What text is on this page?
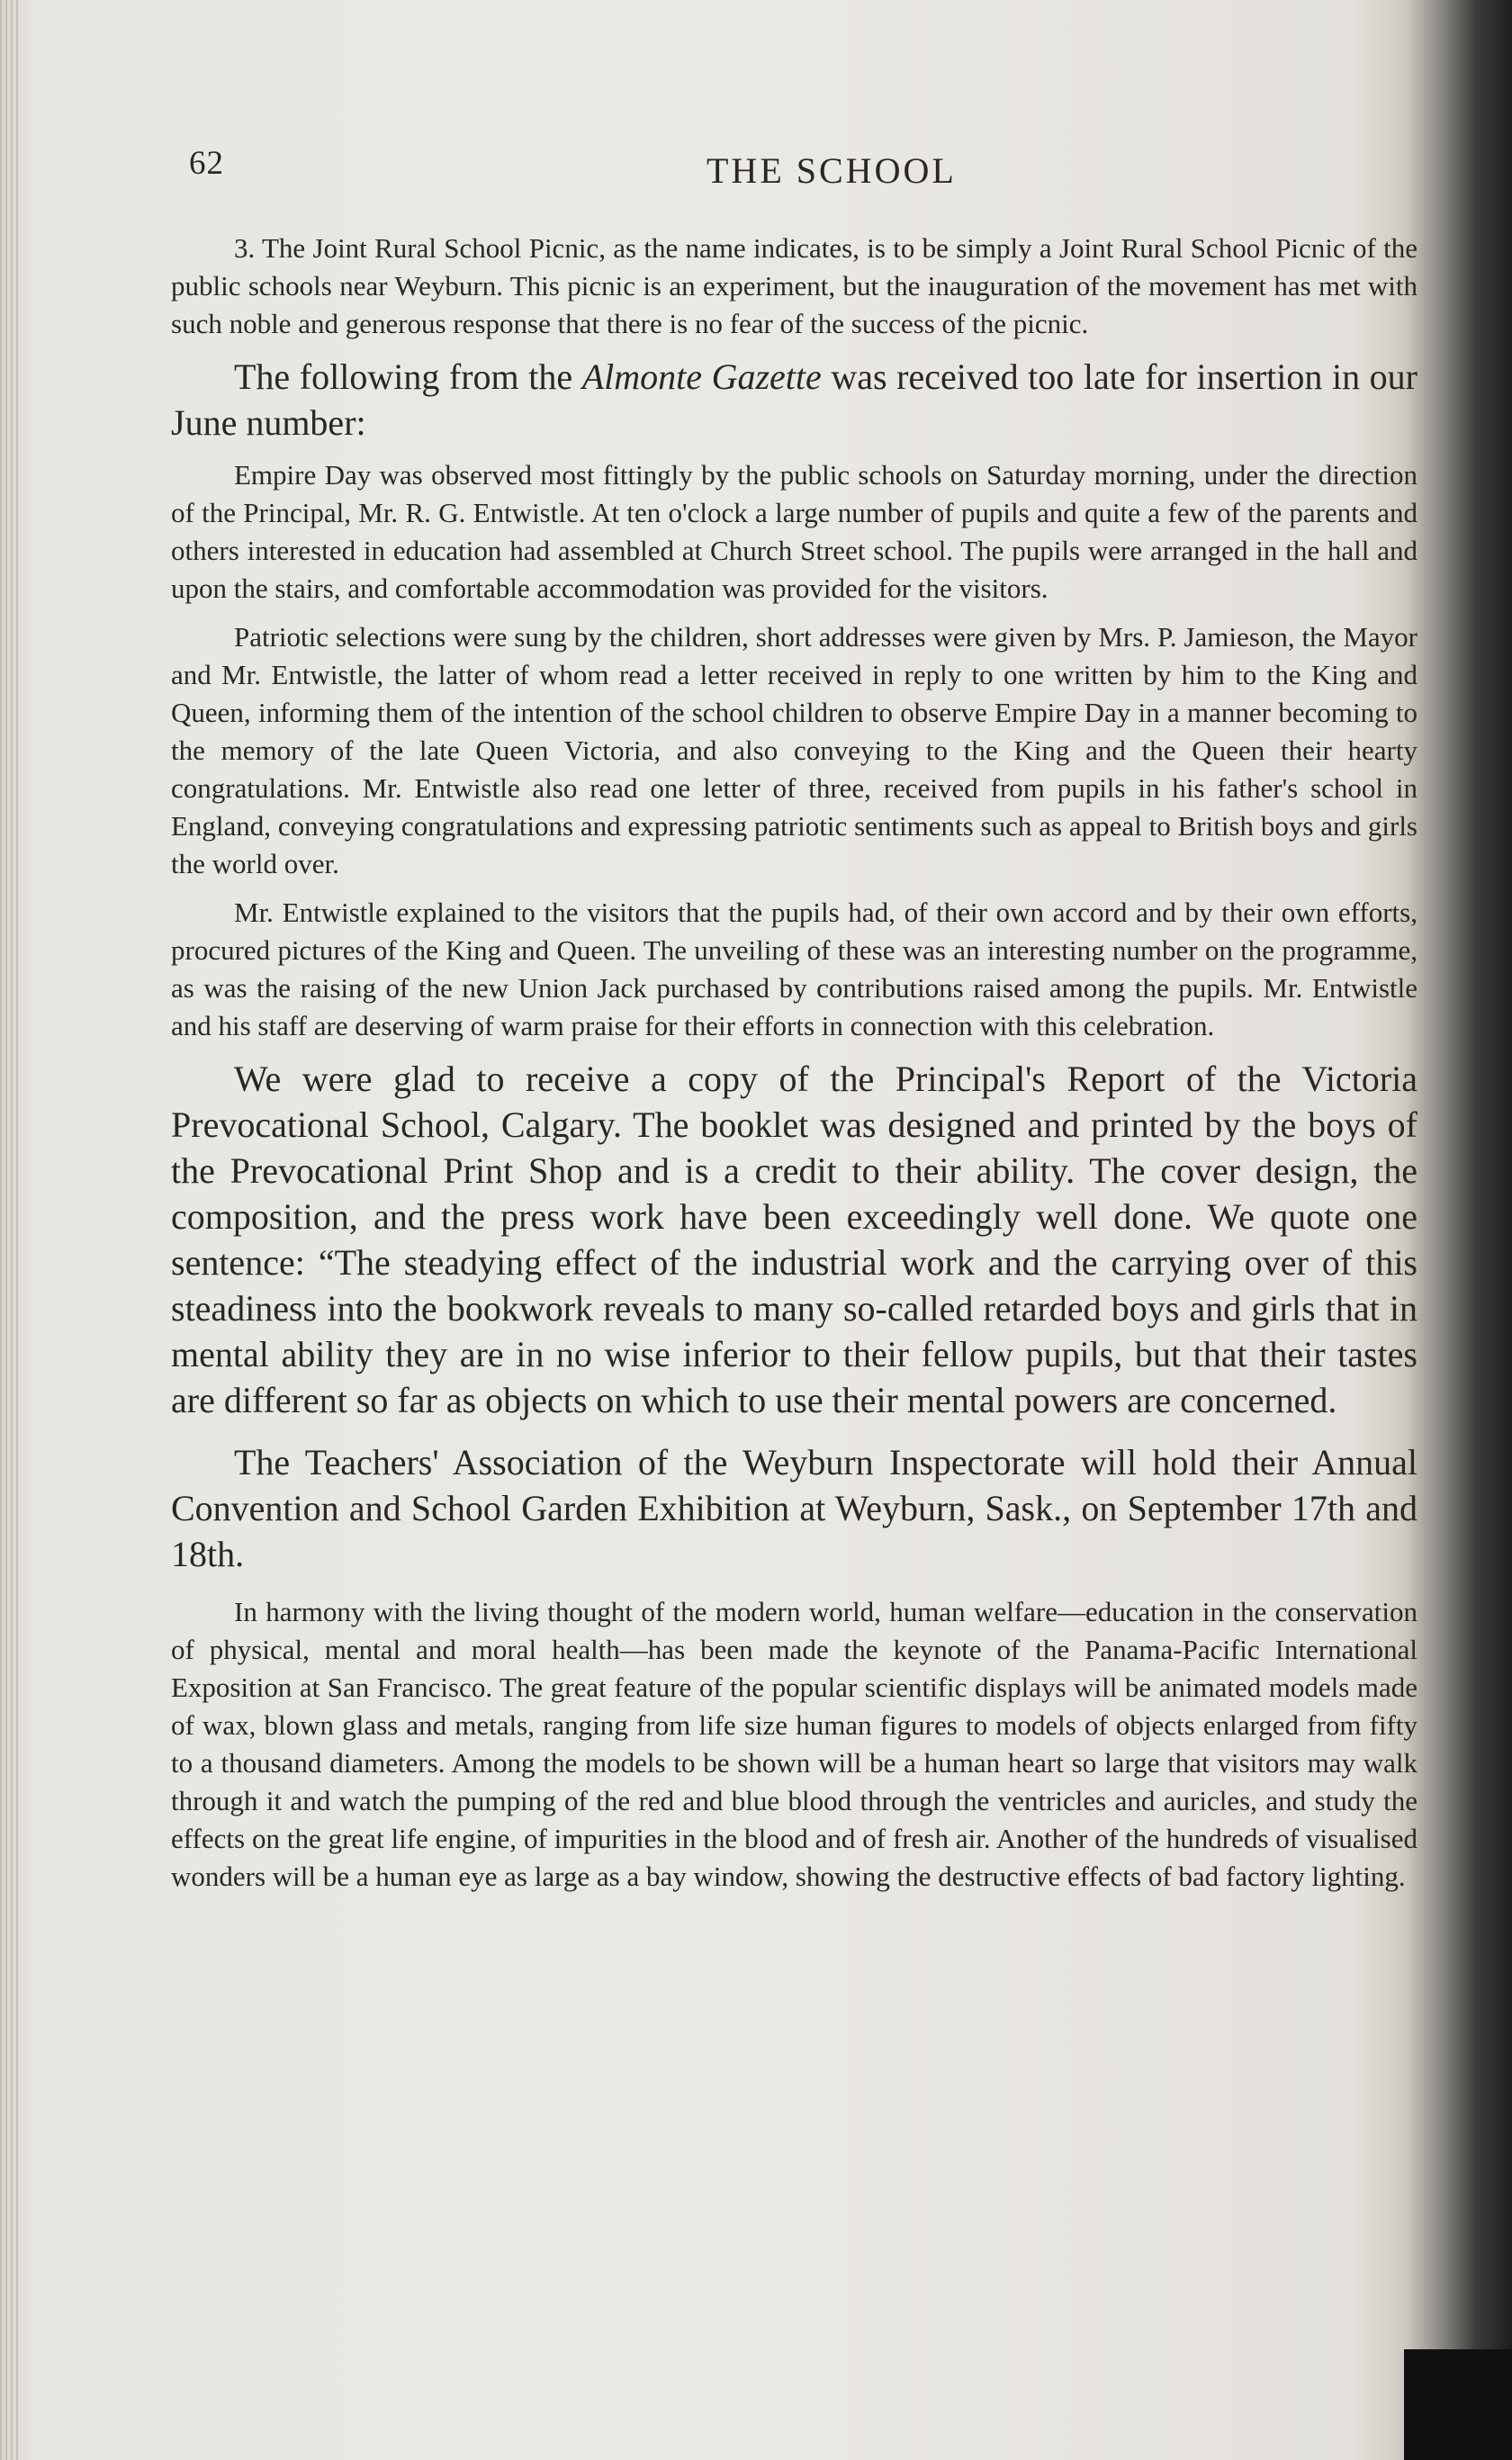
62	THE SCHOOL

3. The Joint Rural School Picnic, as the name indicates, is to be simply a Joint Rural School Picnic of the public schools near Weyburn. This picnic is an experiment, but the inauguration of the movement has met with such noble and generous response that there is no fear of the success of the picnic.

The following from the Almonte Gazette was received too late for insertion in our June number:

Empire Day was observed most fittingly by the public schools on Saturday morning, under the direction of the Principal, Mr. R. G. Entwistle. At ten o'clock a large number of pupils and quite a few of the parents and others interested in education had assembled at Church Street school. The pupils were arranged in the hall and upon the stairs, and comfortable accommodation was provided for the visitors.

Patriotic selections were sung by the children, short addresses were given by Mrs. P. Jamieson, the Mayor and Mr. Entwistle, the latter of whom read a letter received in reply to one written by him to the King and Queen, informing them of the intention of the school children to observe Empire Day in a manner becoming to the memory of the late Queen Victoria, and also conveying to the King and the Queen their hearty congratulations. Mr. Entwistle also read one letter of three, received from pupils in his father's school in England, conveying congratulations and expressing patriotic sentiments such as appeal to British boys and girls the world over.

Mr. Entwistle explained to the visitors that the pupils had, of their own accord and by their own efforts, procured pictures of the King and Queen. The unveiling of these was an interesting number on the programme, as was the raising of the new Union Jack purchased by contributions raised among the pupils. Mr. Entwistle and his staff are deserving of warm praise for their efforts in connection with this celebration.

We were glad to receive a copy of the Principal's Report of the Victoria Prevocational School, Calgary. The booklet was designed and printed by the boys of the Prevocational Print Shop and is a credit to their ability. The cover design, the composition, and the press work have been exceedingly well done. We quote one sentence: “The steadying effect of the industrial work and the carrying over of this steadiness into the bookwork reveals to many so-called retarded boys and girls that in mental ability they are in no wise inferior to their fellow pupils, but that their tastes are different so far as objects on which to use their mental powers are concerned.

The Teachers' Association of the Weyburn Inspectorate will hold their Annual Convention and School Garden Exhibition at Weyburn, Sask., on September 17th and 18th.

In harmony with the living thought of the modern world, human welfare—education in the conservation of physical, mental and moral health—has been made the keynote of the Panama-Pacific International Exposition at San Francisco. The great feature of the popular scientific displays will be animated models made of wax, blown glass and metals, ranging from life size human figures to models of objects enlarged from fifty to a thousand diameters. Among the models to be shown will be a human heart so large that visitors may walk through it and watch the pumping of the red and blue blood through the ventricles and auricles, and study the effects on the great life engine, of impurities in the blood and of fresh air. Another of the hundreds of visualised wonders will be a human eye as large as a bay window, showing the destructive effects of bad factory lighting.
